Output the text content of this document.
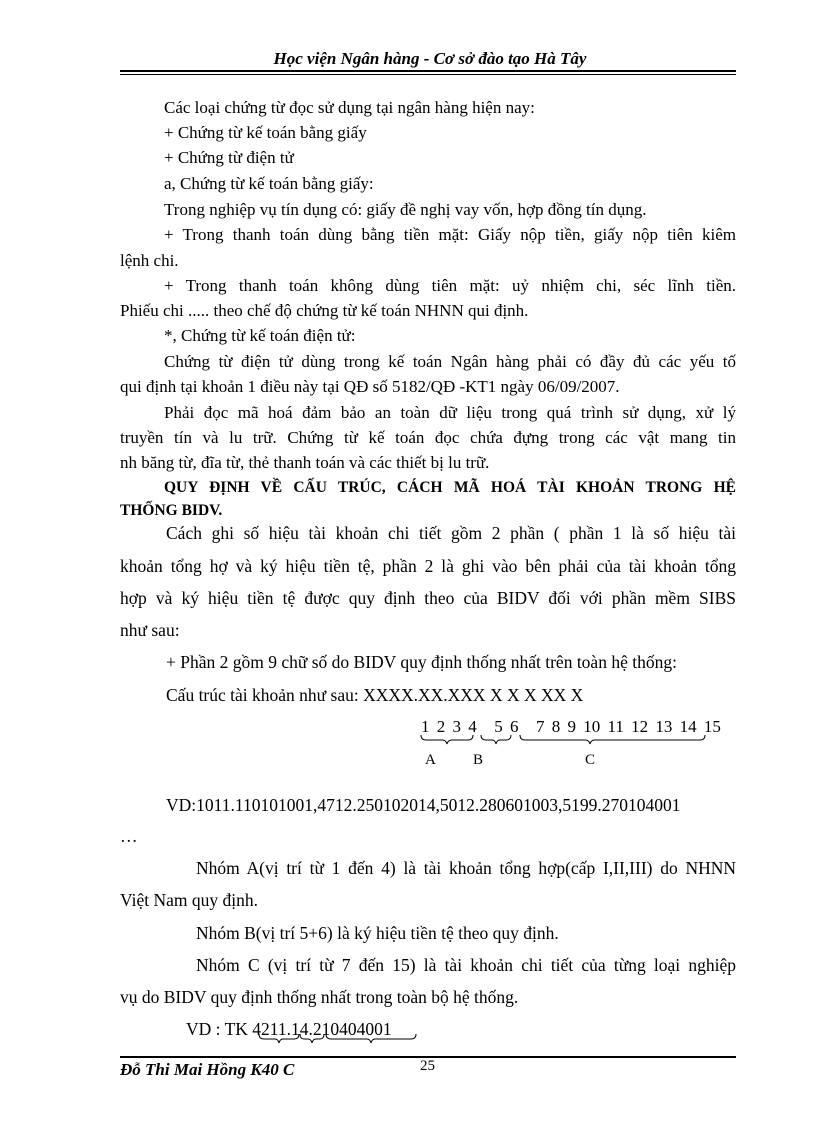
Học viện Ngân hàng - Cơ sở đào tạo Hà Tây
Các loại chứng từ đọc sử dụng tại ngân hàng hiện nay:
+ Chứng từ kế toán bằng giấy
+ Chứng từ điện tử
a, Chứng từ kế toán bằng giấy:
Trong nghiệp vụ tín dụng có: giấy đề nghị vay vốn, hợp đồng tín dụng.
+ Trong thanh toán dùng bằng tiền mặt: Giấy nộp tiền, giấy nộp tiên kiêm
lệnh chi.
+ Trong thanh toán không dùng tiên mặt: uỷ nhiệm chi, séc lĩnh tiền.
Phiếu chi ..... theo chế độ chứng từ kế toán NHNN qui định.
*, Chứng từ kế toán điện tử:
Chứng từ điện tử dùng trong kế toán Ngân hàng phải có đầy đủ các yếu tố
qui định tại khoản 1 điều này tại QĐ số 5182/QĐ -KT1 ngày 06/09/2007.
Phải đọc mã hoá đảm bảo an toàn dữ liệu trong quá trình sử dụng, xử lý
truyền tín và lu trữ. Chứng từ kế toán đọc chứa đựng trong các vật mang tin
nh băng từ, đĩa từ, thẻ thanh toán và các thiết bị lu trữ.
QUY ĐỊNH VỀ CẤU TRÚC, CÁCH MÃ HOÁ TÀI KHOẢN TRONG HỆ
THỐNG BIDV.
Cách ghi số hiệu tài khoản chi tiết gồm 2 phần ( phần 1 là số hiệu tài
khoản tổng hợ và ký hiệu tiền tệ, phần 2 là ghi vào bên phải của tài khoản tổng
hợp và ký hiệu tiền tệ được quy định theo của BIDV đối với phần mềm SIBS
như sau:
+ Phần 2 gồm 9 chữ số do BIDV quy định thống nhất trên toàn hệ thống:
Cấu trúc tài khoản như sau: XXXX.XX.XXX X X X XX X
1 2 3 4 5 6 7 8 9 10 11 12 13 14 15
A B	C
VD:1011.110101001,4712.250102014,5012.280601003,5199.270104001
…
Nhóm A(vị trí từ 1 đến 4) là tài khoản tổng hợp(cấp I,II,III) do NHNN
Việt Nam quy định.
Nhóm B(vị trí 5+6) là ký hiệu tiền tệ theo quy định.
Nhóm C (vị trí từ 7 đến 15) là tài khoản chi tiết của từng loại nghiệp
vụ do BIDV quy định thống nhất trong toàn bộ hệ thống.
VD : TK 4211.14.210404001
Đỗ Thi Mai Hồng K40 C	25
